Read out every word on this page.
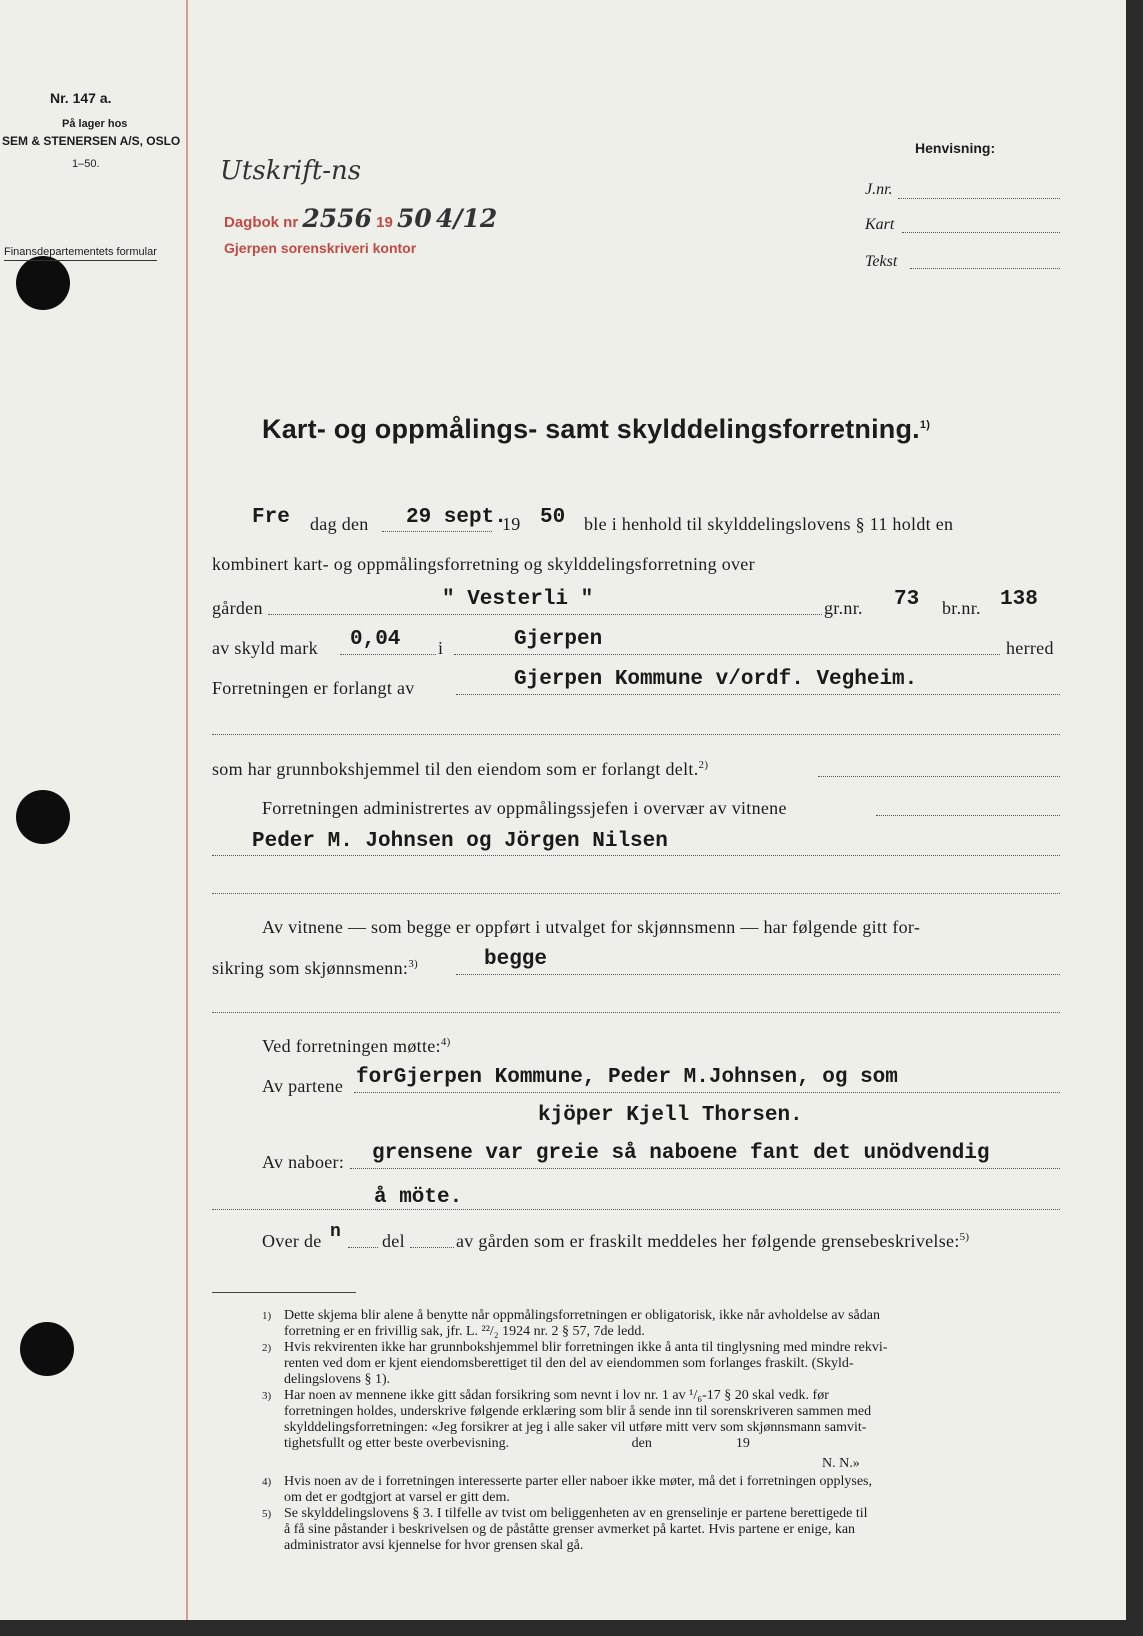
Nr. 147 a.
På lager hos
SEM & STENERSEN A/S, OSLO
1–50.
Finansdepartementets formular
Utskrift-ns
Dagbok nr 2556 19 50 4/12
Gjerpen sorenskriveri kontor
Henvisning:
J.nr.
Kart
Tekst
Kart- og oppmålings- samt skylddelingsforretning.$^{1)}$
Fre dag den 29 sept.
19 50 ble i henhold til skylddelingslovens § 11 holdt en
kombinert kart- og oppmålingsforretning og skylddelingsforretning over
gården	" Vesterli "	gr.nr. 73 br.nr. 138
av skyld mark 0,04 i	Gjerpen	herred
Forretningen er forlangt av	Gjerpen Kommune v/ordf. Vegheim.
som har grunnbokshjemmel til den eiendom som er forlangt delt.$^{2)}$
Forretningen administrertes av oppmålingssjefen i overvær av vitnene
Peder M. Johnsen og Jörgen Nilsen
Av vitnene — som begge er oppført i utvalget for skjønnsmenn — har følgende gitt for-
sikring som skjønnsmenn:$^{3)}$	begge
Ved forretningen møtte:$^{4)}$
Av partene forGjerpen Kommune, Peder M.Johnsen, og som
kjöper Kjell Thorsen.
Av naboer: grensene var greie så naboene fant det unödvendig
å möte.
Over de n del	av gården som er fraskilt meddeles her følgende grensebeskrivelse:$^{5)}$
1) Dette skjema blir alene å benytte når oppmålingsforretningen er obligatorisk, ikke når avholdelse av sådan
forretning er en frivillig sak, jfr. L. ²²/₂ 1924 nr. 2 § 57, 7de ledd.
2) Hvis rekvirenten ikke har grunnbokshjemmel blir forretningen ikke å anta til tinglysning med mindre rekvi-
renten ved dom er kjent eiendomsberettiget til den del av eiendommen som forlanges fraskilt. (Skyld-
delingslovens § 1).
3) Har noen av mennene ikke gitt sådan forsikring som nevnt i lov nr. 1 av ¹/₆-17 § 20 skal vedk. før
forretningen holdes, underskrive følgende erklæring som blir å sende inn til sorenskriveren sammen med
skylddelingsforretningen: «Jeg forsikrer at jeg i alle saker vil utføre mitt verv som skjønnsmann samvit-
tighetsfullt og etter beste overbevisning.                                   den                        19
N. N.»
4) Hvis noen av de i forretningen interesserte parter eller naboer ikke møter, må det i forretningen opplyses,
om det er godtgjort at varsel er gitt dem.
5) Se skylddelingslovens § 3. I tilfelle av tvist om beliggenheten av en grenselinje er partene berettigede til
å få sine påstander i beskrivelsen og de påståtte grenser avmerket på kartet. Hvis partene er enige, kan
administrator avsi kjennelse for hvor grensen skal gå.
